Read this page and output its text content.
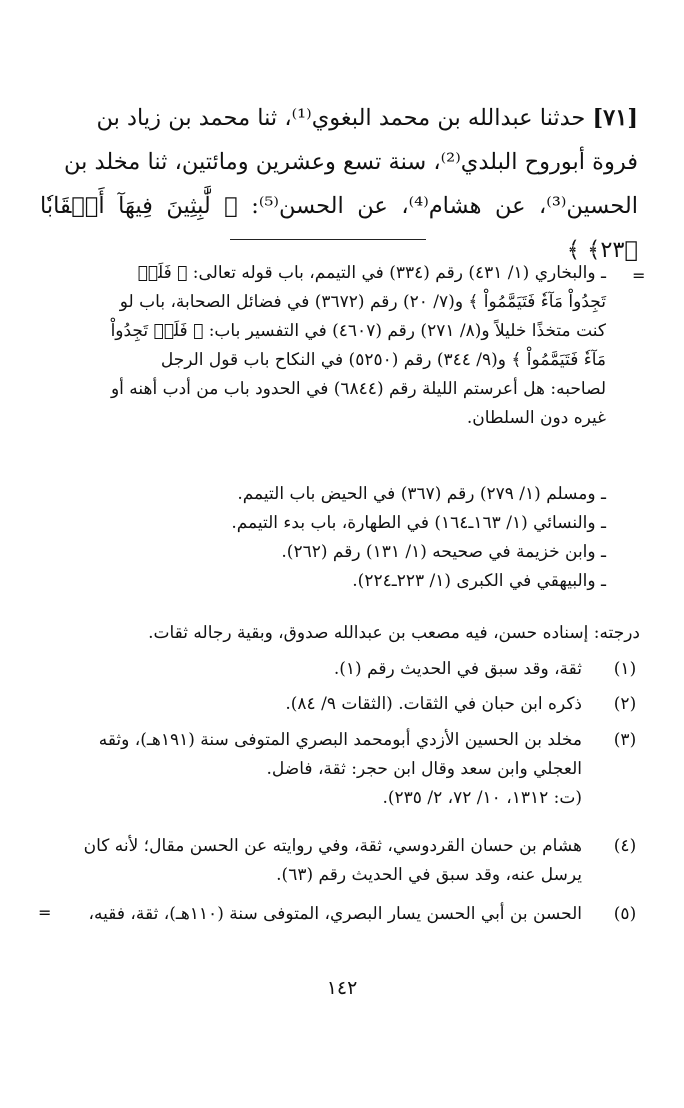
[٧١] حدثنا عبدالله بن محمد البغوي⁽¹⁾، ثنا محمد بن زياد بن
فروة أبوروح البلدي⁽²⁾، سنة تسع وعشرين ومائتين، ثنا مخلد بن
الحسين⁽³⁾، عن هشام⁽⁴⁾، عن الحسن⁽⁵⁾: ﴿ لَّٰبِثِينَ فِيهَآ أَحۡقَابٗا ﴿٢٣﴾ ﴾
=

ـ والبخاري (١/ ٤٣١) رقم (٣٣٤) في التيمم، باب قوله تعالى: ﴿ فَلَمۡ

تَجِدُواْ مَآءٗ فَتَيَمَّمُواْ ﴾ و(٧/ ٢٠) رقم (٣٦٧٢) في فضائل الصحابة، باب لو

كنت متخذًا خليلاً و(٨/ ٢٧١) رقم (٤٦٠٧) في التفسير باب: ﴿ فَلَمۡ تَجِدُواْ

مَآءٗ فَتَيَمَّمُواْ ﴾ و(٩/ ٣٤٤) رقم (٥٢٥٠) في النكاح باب قول الرجل

لصاحبه: هل أعرستم الليلة رقم (٦٨٤٤) في الحدود باب من أدب أهنه أو

غيره دون السلطان.

ـ ومسلم (١/ ٢٧٩) رقم (٣٦٧) في الحيض باب التيمم.

ـ والنسائي (١/ ١٦٣ـ١٦٤) في الطهارة، باب بدء التيمم.

ـ وابن خزيمة في صحيحه (١/ ١٣١) رقم (٢٦٢).

ـ والبيهقي في الكبرى (١/ ٢٢٣ـ٢٢٤).

درجته: إسناده حسن، فيه مصعب بن عبدالله صدوق، وبقية رجاله ثقات.

(١)
ثقة، وقد سبق في الحديث رقم (١).
(٢)
ذكره ابن حبان في الثقات. (الثقات ٩/ ٨٤).
(٣)
مخلد بن الحسين الأزدي أبومحمد البصري المتوفى سنة (١٩١هـ)، وثقه
العجلي وابن سعد وقال ابن حجر: ثقة، فاضل.
(ت: ١٣١٢، ١٠/ ٧٢، ٢/ ٢٣٥).
(٤)
هشام بن حسان القردوسي، ثقة، وفي روايته عن الحسن مقال؛ لأنه كان
يرسل عنه، وقد سبق في الحديث رقم (٦٣).
(٥)
الحسن بن أبي الحسن يسار البصري، المتوفى سنة (١١٠هـ)، ثقة، فقيه،
=
١٤٢
